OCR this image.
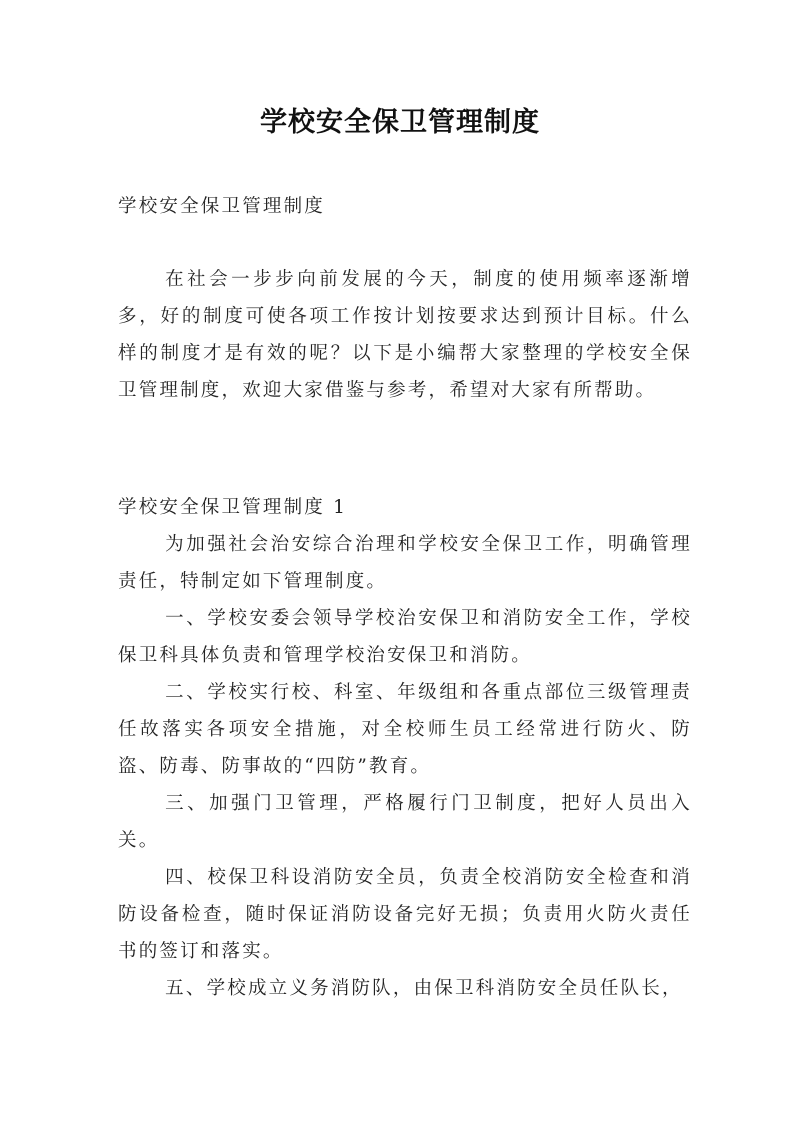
学校安全保卫管理制度

学校安全保卫管理制度

在社会一步步向前发展的今天，制度的使用频率逐渐增多，好的制度可使各项工作按计划按要求达到预计目标。什么样的制度才是有效的呢？以下是小编帮大家整理的学校安全保卫管理制度，欢迎大家借鉴与参考，希望对大家有所帮助。

学校安全保卫管理制度 1

为加强社会治安综合治理和学校安全保卫工作，明确管理责任，特制定如下管理制度。

一、学校安委会领导学校治安保卫和消防安全工作，学校保卫科具体负责和管理学校治安保卫和消防。

二、学校实行校、科室、年级组和各重点部位三级管理责任故落实各项安全措施，对全校师生员工经常进行防火、防盗、防毒、防事故的“四防”教育。

三、加强门卫管理，严格履行门卫制度，把好人员出入关。

四、校保卫科设消防安全员，负责全校消防安全检查和消防设备检查，随时保证消防设备完好无损；负责用火防火责任书的签订和落实。

五、学校成立义务消防队，由保卫科消防安全员任队长，
